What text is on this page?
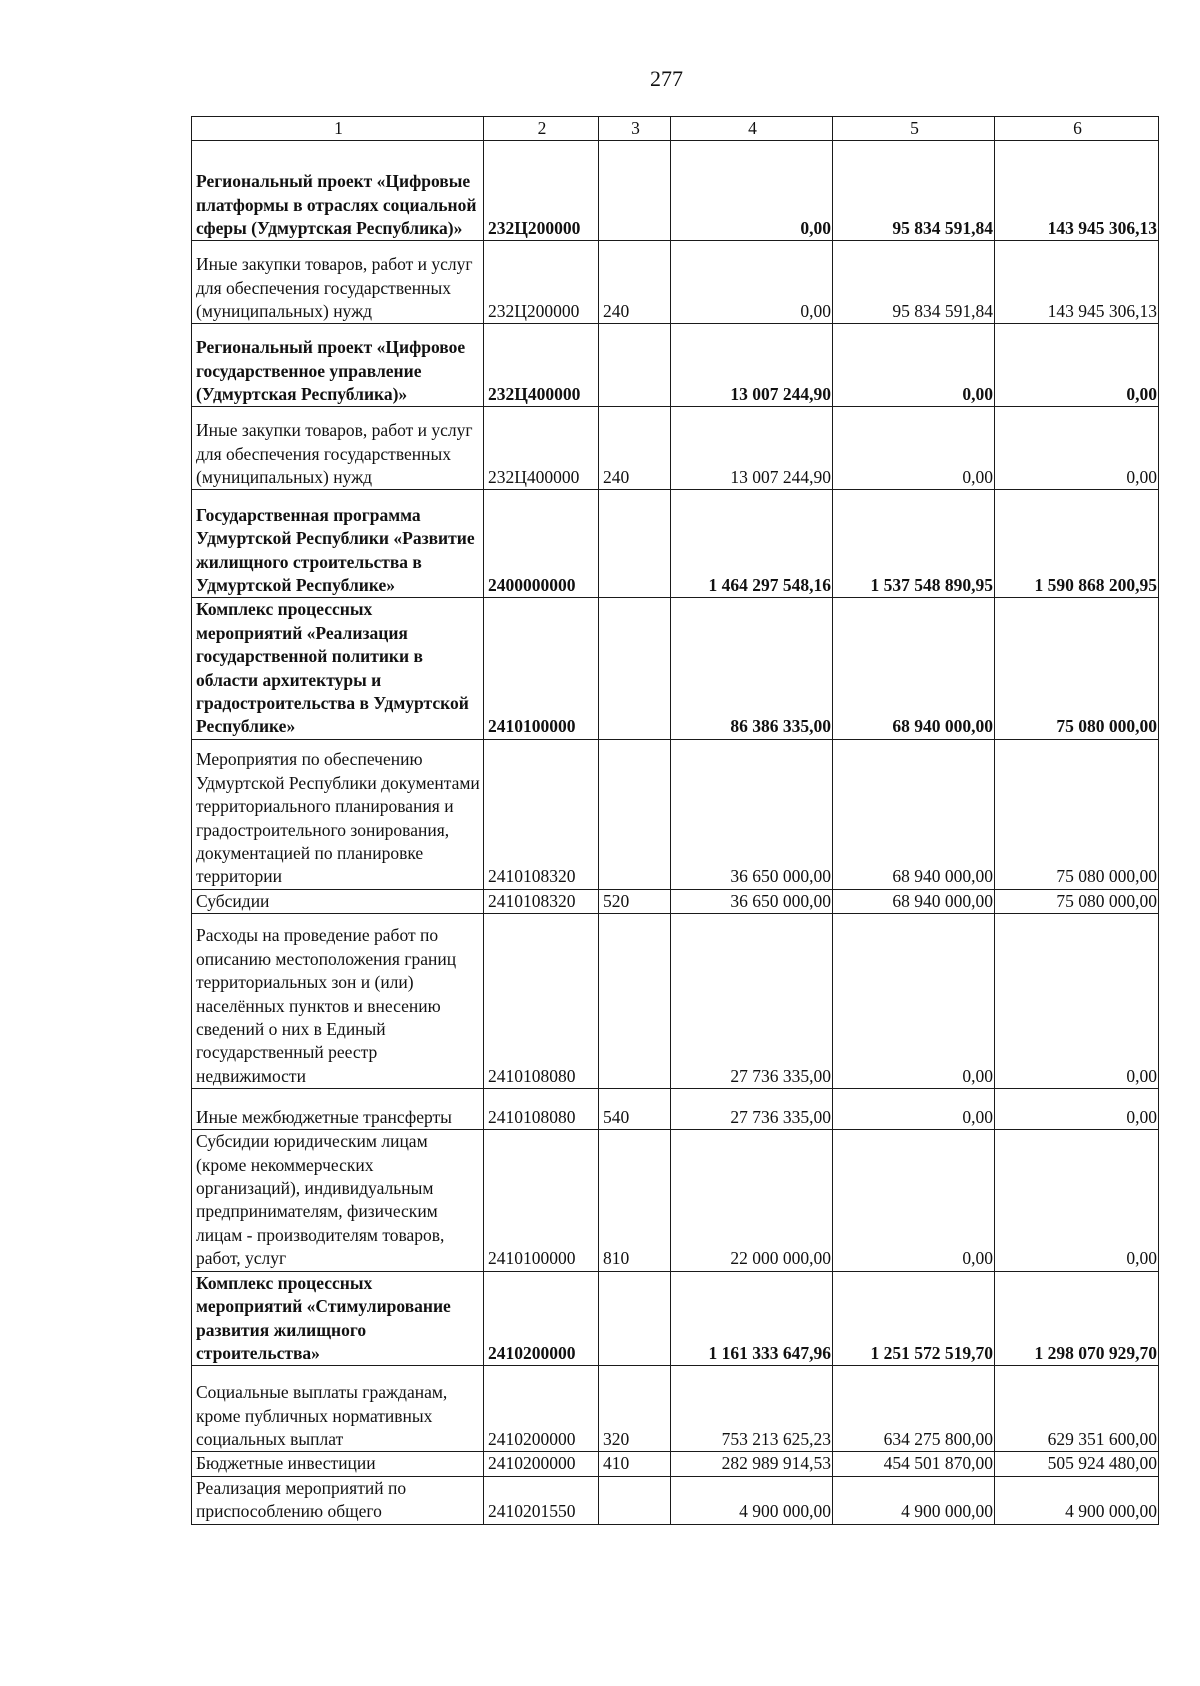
277
1	2	3	4	5	6
Региональный проект «Цифровые платформы в отраслях социальной сферы (Удмуртская Республика)»	232Ц200000		0,00	95 834 591,84	143 945 306,13
Иные закупки товаров, работ и услуг для обеспечения государственных (муниципальных) нужд	232Ц200000	240	0,00	95 834 591,84	143 945 306,13
Региональный проект «Цифровое государственное управление (Удмуртская Республика)»	232Ц400000		13 007 244,90	0,00	0,00
Иные закупки товаров, работ и услуг для обеспечения государственных (муниципальных) нужд	232Ц400000	240	13 007 244,90	0,00	0,00
Государственная программа Удмуртской Республики «Развитие жилищного строительства в Удмуртской Республике»	2400000000		1 464 297 548,16	1 537 548 890,95	1 590 868 200,95
Комплекс процессных мероприятий «Реализация государственной политики в области архитектуры и градостроительства в Удмуртской Республике»	2410100000		86 386 335,00	68 940 000,00	75 080 000,00
Мероприятия по обеспечению Удмуртской Республики документами территориального планирования и градостроительного зонирования, документацией по планировке территории	2410108320		36 650 000,00	68 940 000,00	75 080 000,00
Субсидии	2410108320	520	36 650 000,00	68 940 000,00	75 080 000,00
Расходы на проведение работ по описанию местоположения границ территориальных зон и (или) населённых пунктов и внесению сведений о них в Единый государственный реестр недвижимости	2410108080		27 736 335,00	0,00	0,00
Иные межбюджетные трансферты	2410108080	540	27 736 335,00	0,00	0,00
Субсидии юридическим лицам (кроме некоммерческих организаций), индивидуальным предпринимателям, физическим лицам - производителям товаров, работ, услуг	2410100000	810	22 000 000,00	0,00	0,00
Комплекс процессных мероприятий «Стимулирование развития жилищного строительства»	2410200000		1 161 333 647,96	1 251 572 519,70	1 298 070 929,70
Социальные выплаты гражданам, кроме публичных нормативных социальных выплат	2410200000	320	753 213 625,23	634 275 800,00	629 351 600,00
Бюджетные инвестиции	2410200000	410	282 989 914,53	454 501 870,00	505 924 480,00
Реализация мероприятий по приспособлению общего	2410201550		4 900 000,00	4 900 000,00	4 900 000,00
